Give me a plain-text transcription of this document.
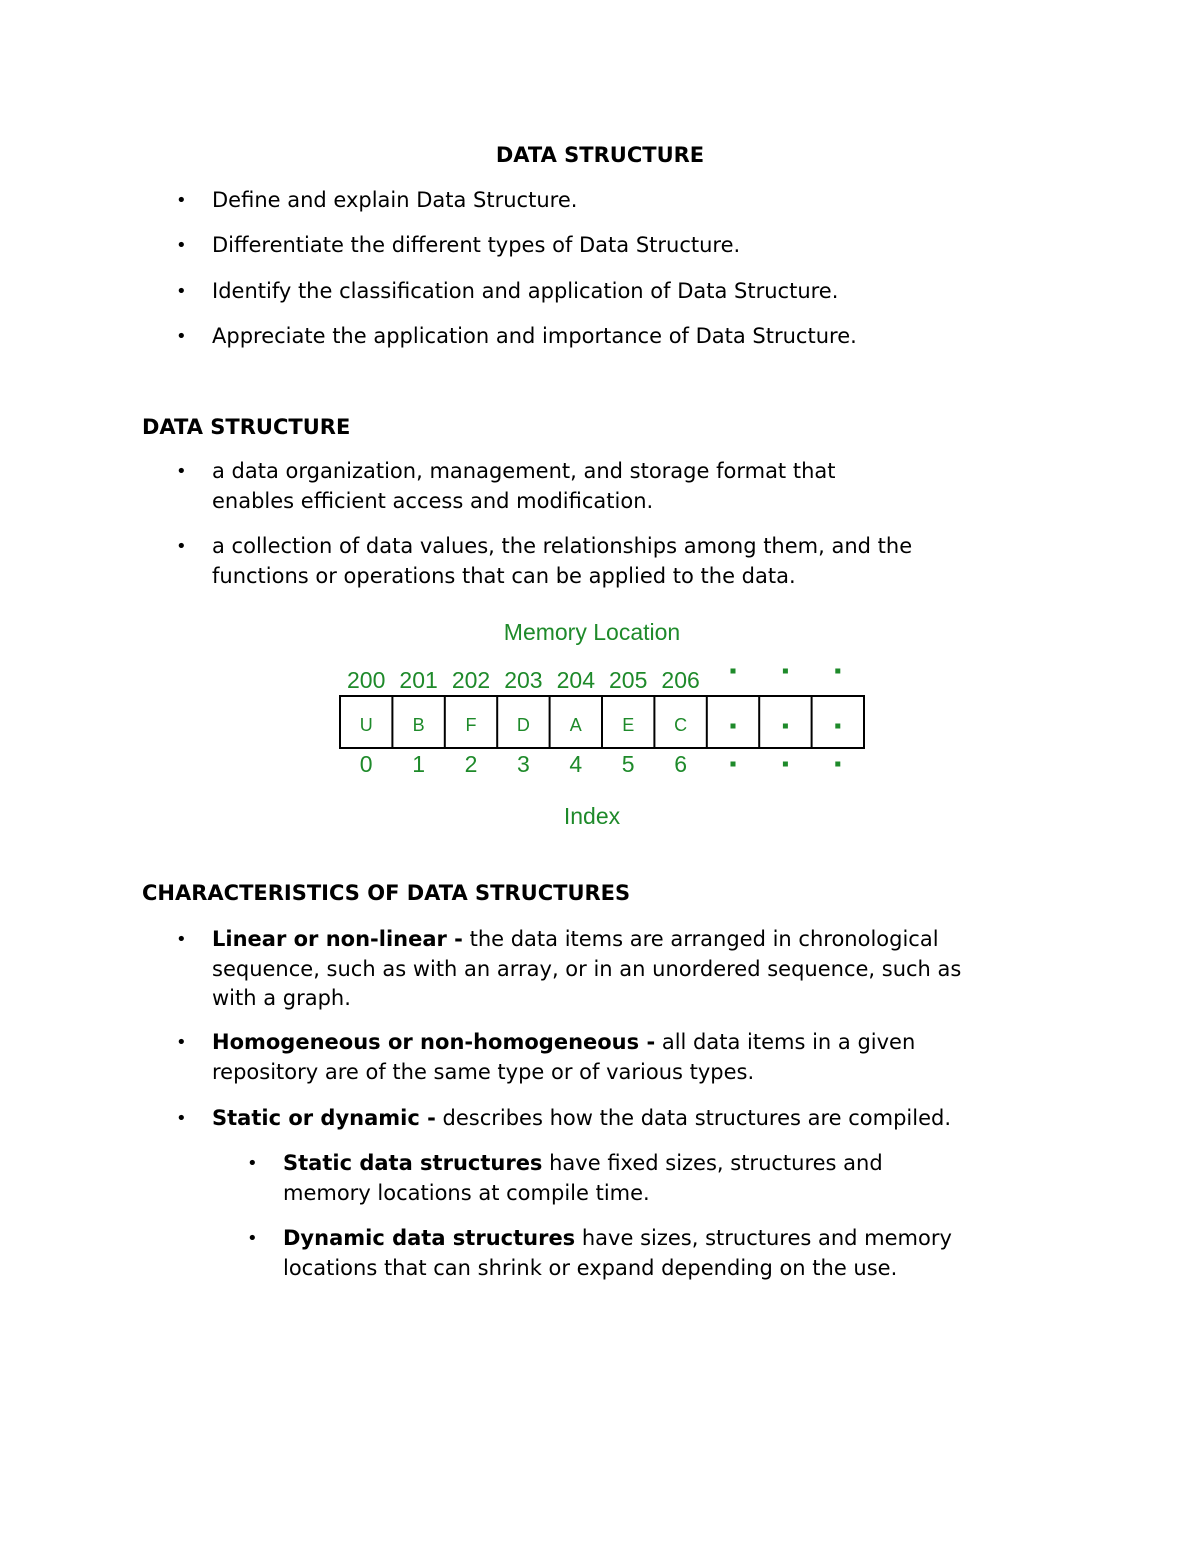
DATA STRUCTURE
• Define and explain Data Structure.
• Differentiate the different types of Data Structure.
• Identify the classification and application of Data Structure.
• Appreciate the application and importance of Data Structure.
DATA STRUCTURE
• a data organization, management, and storage format that
enables efficient access and modification.
• a collection of data values, the relationships among them, and the
functions or operations that can be applied to the data.
Memory Location
200
U
0
201
B
1
202
F
2
203
D
3
204
A
4
205
E
5
206
C
6
Index
CHARACTERISTICS OF DATA STRUCTURES
• Linear or non-linear - the data items are arranged in chronological
sequence, such as with an array, or in an unordered sequence, such as
with a graph.
• Homogeneous or non-homogeneous - all data items in a given
repository are of the same type or of various types.
• Static or dynamic - describes how the data structures are compiled.
• Static data structures have fixed sizes, structures and
memory locations at compile time.
• Dynamic data structures have sizes, structures and memory
locations that can shrink or expand depending on the use.
